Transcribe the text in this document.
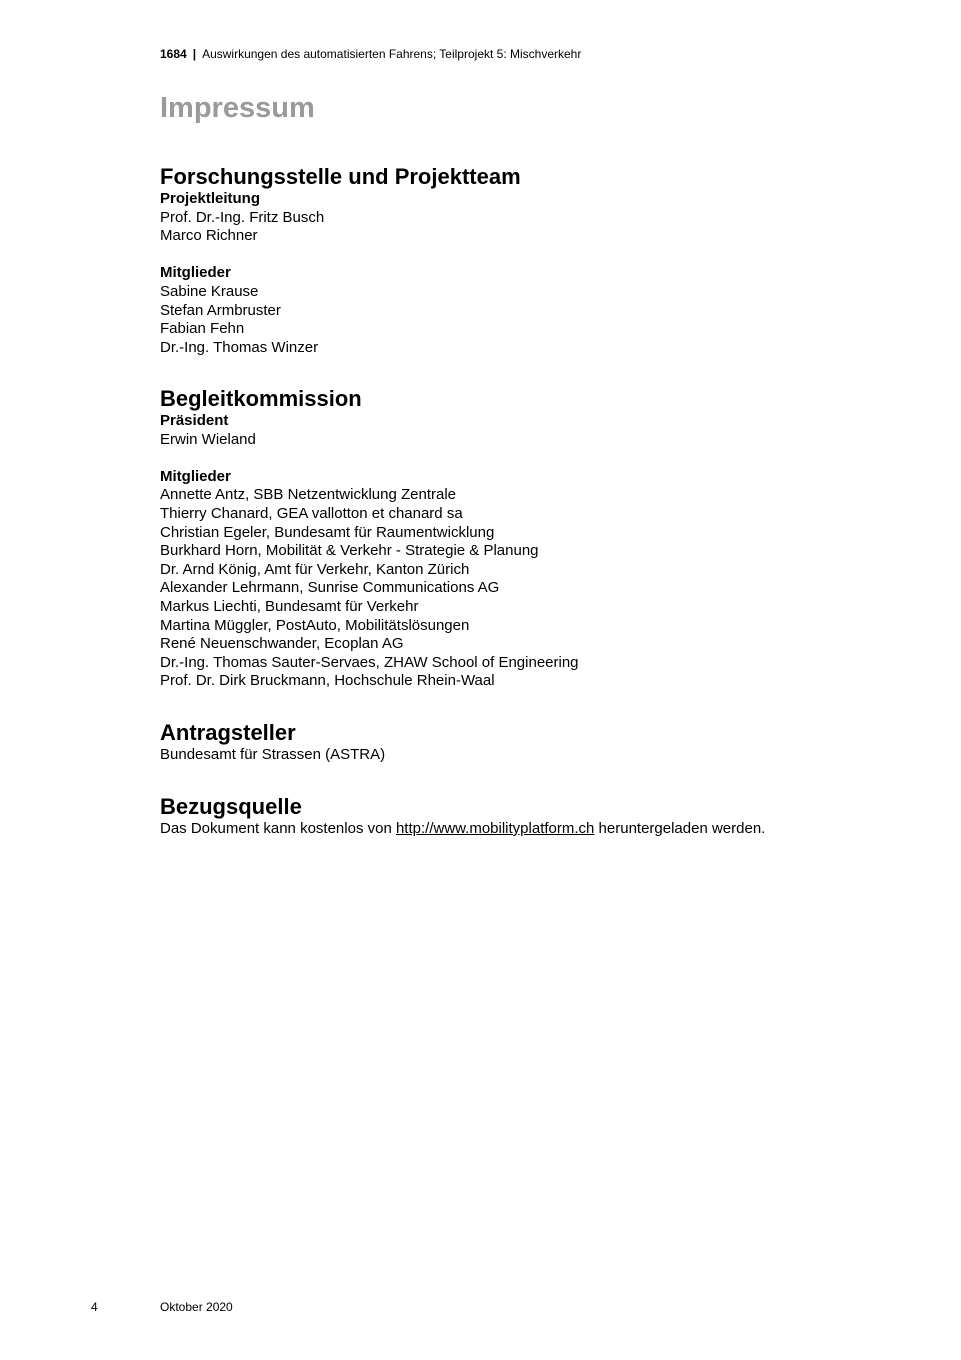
1684 | Auswirkungen des automatisierten Fahrens; Teilprojekt 5: Mischverkehr
Impressum
Forschungsstelle und Projektteam
Projektleitung
Prof. Dr.-Ing. Fritz Busch
Marco Richner
Mitglieder
Sabine Krause
Stefan Armbruster
Fabian Fehn
Dr.-Ing. Thomas Winzer
Begleitkommission
Präsident
Erwin Wieland
Mitglieder
Annette Antz, SBB Netzentwicklung Zentrale
Thierry Chanard, GEA vallotton et chanard sa
Christian Egeler, Bundesamt für Raumentwicklung
Burkhard Horn, Mobilität & Verkehr - Strategie & Planung
Dr. Arnd König, Amt für Verkehr, Kanton Zürich
Alexander Lehrmann, Sunrise Communications AG
Markus Liechti, Bundesamt für Verkehr
Martina Müggler, PostAuto, Mobilitätslösungen
René Neuenschwander, Ecoplan AG
Dr.-Ing. Thomas Sauter-Servaes, ZHAW School of Engineering
Prof. Dr. Dirk Bruckmann, Hochschule Rhein-Waal
Antragsteller
Bundesamt für Strassen (ASTRA)
Bezugsquelle
Das Dokument kann kostenlos von http://www.mobilityplatform.ch heruntergeladen werden.
4	Oktober 2020
